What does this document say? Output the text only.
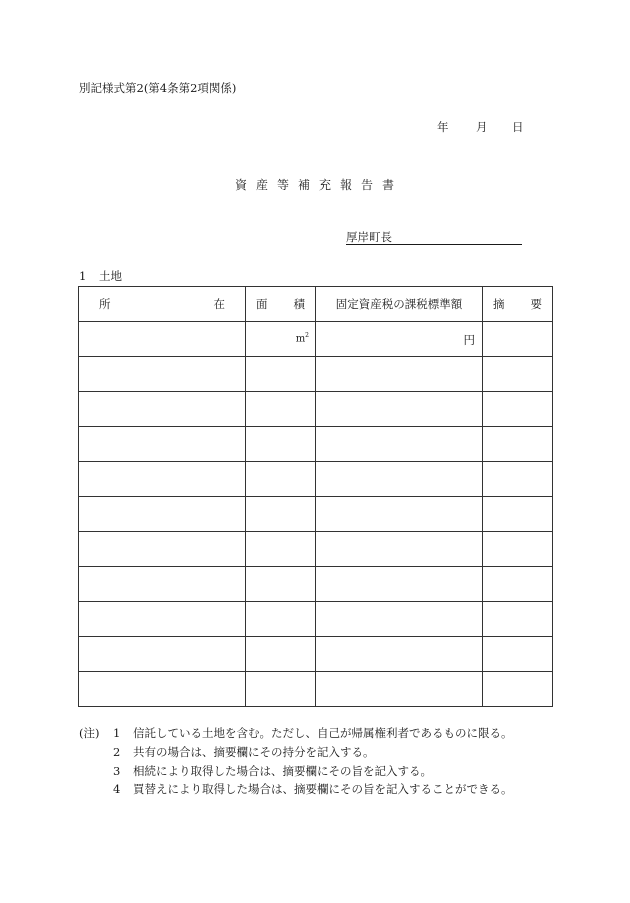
別記様式第2(第4条第2項関係)
年 月 日
資産等補充報告書
厚岸町長
1 土地
所 在	面 積	固定資産税の課税標準額	摘 要

	$m^2$	円	

(注)	1	信託している土地を含む。ただし、自己が帰属権利者であるものに限る。
2	共有の場合は、摘要欄にその持分を記入する。
3	相続により取得した場合は、摘要欄にその旨を記入する。
4	買替えにより取得した場合は、摘要欄にその旨を記入することができる。
